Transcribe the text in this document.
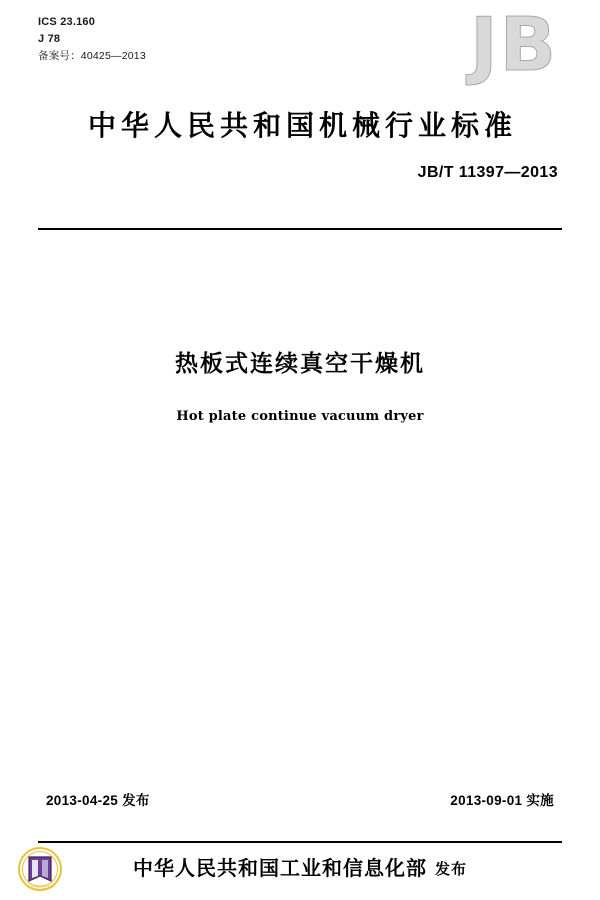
ICS 23.160
J 78
备案号：40425—2013	JB
中华人民共和国机械行业标准
JB/T 11397—2013
热板式连续真空干燥机
Hot plate continue vacuum dryer
2013-04-25 发布	2013-09-01 实施
工业和信息化部
中华人民共和国工业和信息化部 发布
